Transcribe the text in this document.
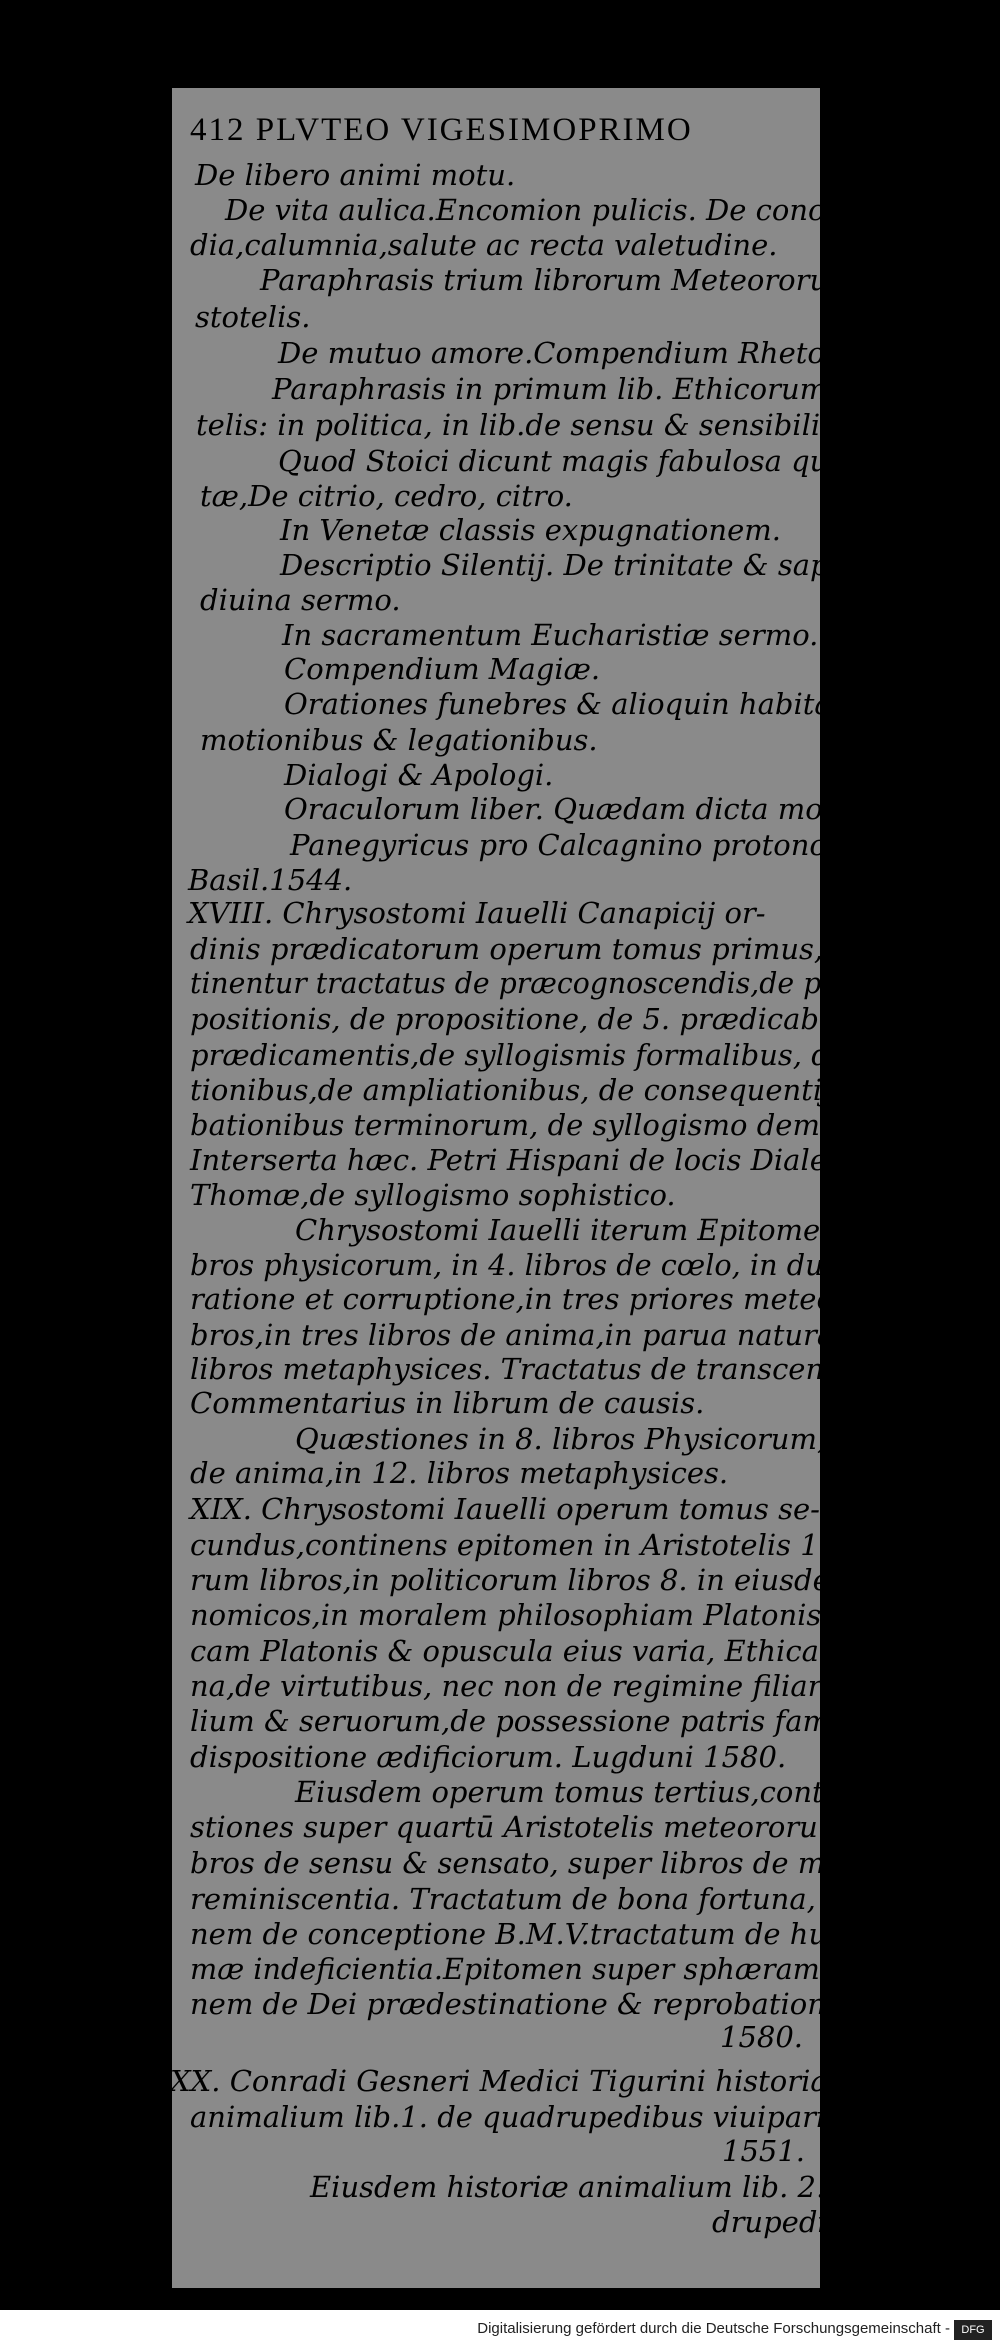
412 PLVTEO VIGESIMOPRIMO
De libero animi motu.
De vita aulica.Encomion pulicis. De concor-
dia,calumnia,salute ac recta valetudine.
Paraphrasis trium librorum Meteororum Ari-
stotelis.
De mutuo amore.Compendium Rhetoricæ.
Paraphrasis in primum lib. Ethicorum Aristo-
telis: in politica, in lib.de sensu & sensibili.
Quod Stoici dicunt magis fabulosa quàm poë-
tæ,De citrio, cedro, citro.
In Venetæ classis expugnationem.
Descriptio Silentij. De trinitate & sapientia
diuina sermo.
In sacramentum Eucharistiæ sermo.
Compendium Magiæ.
Orationes funebres & alioquin habitæ in pro-
motionibus & legationibus.
Dialogi & Apologi.
Oraculorum liber. Quædam dicta moralia.
Panegyricus pro Calcagnino protonotario.
Basil.1544.
XVIII. Chrysostomi Iauelli Canapicij or-
dinis prædicatorum operum tomus primus,in quo con-
tinentur tractatus de præcognoscendis,de partibus pro-
positionis, de propositione, de 5. prædicabilibus,de
prædicamentis,de syllogismis formalibus, de supposi-
tionibus,de ampliationibus, de consequentijs, de pro-
bationibus terminorum, de syllogismo demonstratiuo.
Interserta hæc. Petri Hispani de locis Dialecticis D.
Thomæ,de syllogismo sophistico.
Chrysostomi Iauelli iterum Epitome in octo li-
bros physicorum, in 4. libros de cœlo, in duos de gene-
ratione et corruptione,in tres priores meteororum li-
bros,in tres libros de anima,in parua naturalia,in 12.
libros metaphysices. Tractatus de transcendentibus.
Commentarius in librum de causis.
Quæstiones in 8. libros Physicorum, in lib. 3.
de anima,in 12. libros metaphysices.
XIX. Chrysostomi Iauelli operum tomus se-
cundus,continens epitomen in Aristotelis 10. Ethico-
rum libros,in politicorum libros 8. in eiusdem Oeco-
nomicos,in moralem philosophiam Platonis. In politi-
cam Platonis & opuscula eius varia, Ethica Christia-
na,de virtutibus, nec non de regimine filiarum, nobi-
lium & seruorum,de possessione patris familias & de
dispositione ædificiorum. Lugduni 1580.
Eiusdem operum tomus tertius,continens quæ-
stiones super quartū Aristotelis meteororum,super li-
bros de sensu & sensato, super libros de memoria &
reminiscentia. Tractatum de bona fortuna, quæstio-
nem de conceptione B.M.V.tractatum de humanæ ani-
mæ indeficientia.Epitomen super sphæram & quæstio-
nem de Dei prædestinatione & reprobatione.Lugduni
1580.
XX. Conradi Gesneri Medici Tigurini historiæ
animalium lib.1. de quadrupedibus viuiparis. Tiguri
1551.
Eiusdem historiæ animalium lib. 2. de qua-
drupedi-
Digitalisierung gefördert durch die Deutsche Forschungsgemeinschaft -	DFG
